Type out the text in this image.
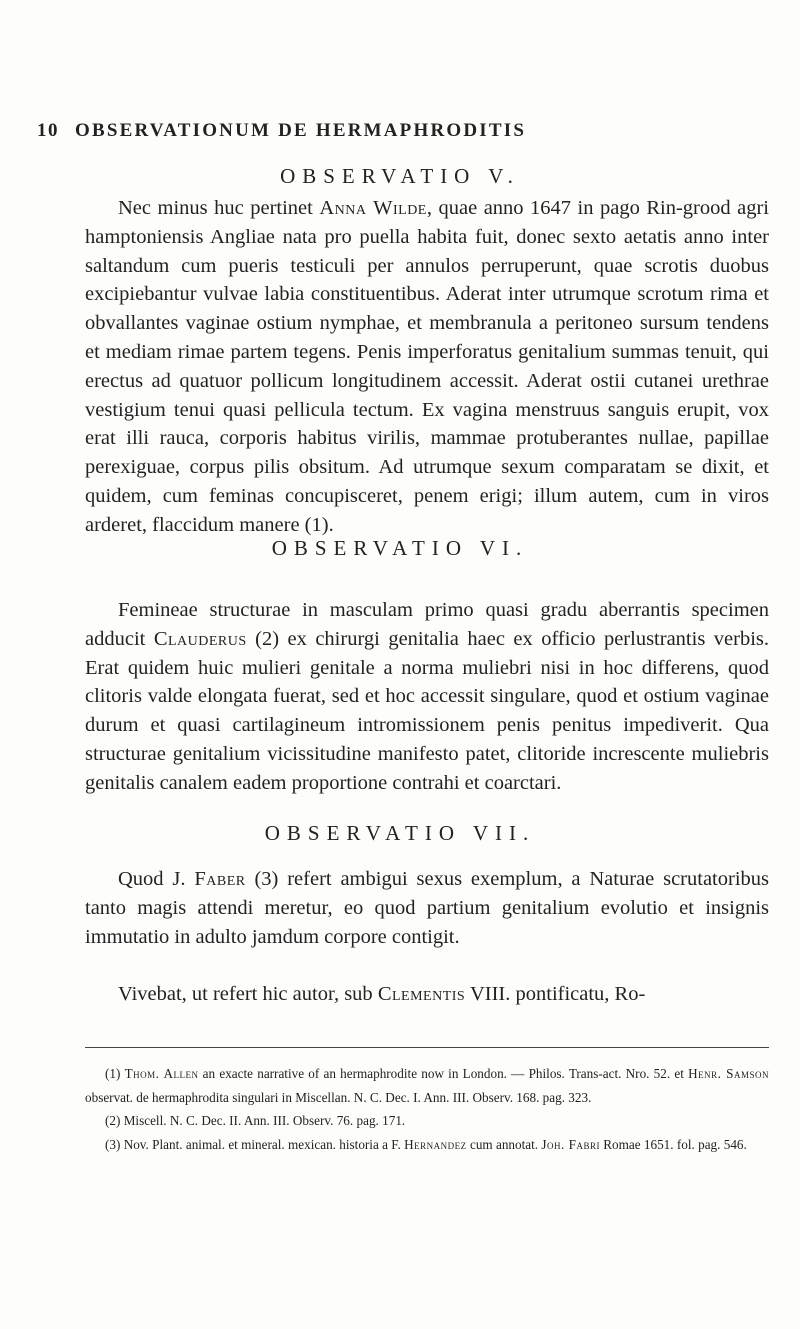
10 OBSERVATIONUM DE HERMAPHRODITIS
OBSERVATIO V.

Nec minus huc pertinet Anna Wilde, quae anno 1647 in pago Rin-grood agri hamptoniensis Angliae nata pro puella habita fuit, donec sexto aetatis anno inter saltandum cum pueris testiculi per annulos perruperunt, quae scrotis duobus excipiebantur vulvae labia constituentibus. Aderat inter utrumque scrotum rima et obvallantes vaginae ostium nymphae, et membranula a peritoneo sursum tendens et mediam rimae partem tegens. Penis imperforatus genitalium summas tenuit, qui erectus ad quatuor pollicum longitudinem accessit. Aderat ostii cutanei urethrae vestigium tenui quasi pellicula tectum. Ex vagina menstruus sanguis erupit, vox erat illi rauca, corporis habitus virilis, mammae protuberantes nullae, papillae perexiguae, corpus pilis obsitum. Ad utrumque sexum comparatam se dixit, et quidem, cum feminas concupisceret, penem erigi; illum autem, cum in viros arderet, flaccidum manere (1).

OBSERVATIO VI.

Femineae structurae in masculam primo quasi gradu aberrantis specimen adducit Clauderus (2) ex chirurgi genitalia haec ex officio perlustrantis verbis. Erat quidem huic mulieri genitale a norma muliebri nisi in hoc differens, quod clitoris valde elongata fuerat, sed et hoc accessit singulare, quod et ostium vaginae durum et quasi cartilagineum intromissionem penis penitus impediverit. Qua structurae genitalium vicissitudine manifesto patet, clitoride increscente muliebris genitalis canalem eadem proportione contrahi et coarctari.

OBSERVATIO VII.

Quod J. Faber (3) refert ambigui sexus exemplum, a Naturae scrutatoribus tanto magis attendi meretur, eo quod partium genitalium evolutio et insignis immutatio in adulto jamdum corpore contigit.

Vivebat, ut refert hic autor, sub Clementis VIII. pontificatu, Ro-

(1) Thom. Allen an exacte narrative of an hermaphrodite now in London. — Philos. Trans-act. Nro. 52. et Henr. Samson observat. de hermaphrodita singulari in Miscellan. N. C. Dec. I. Ann. III. Observ. 168. pag. 323.

(2) Miscell. N. C. Dec. II. Ann. III. Observ. 76. pag. 171.

(3) Nov. Plant. animal. et mineral. mexican. historia a F. Hernandez cum annotat. Joh. Fabri Romae 1651. fol. pag. 546.
